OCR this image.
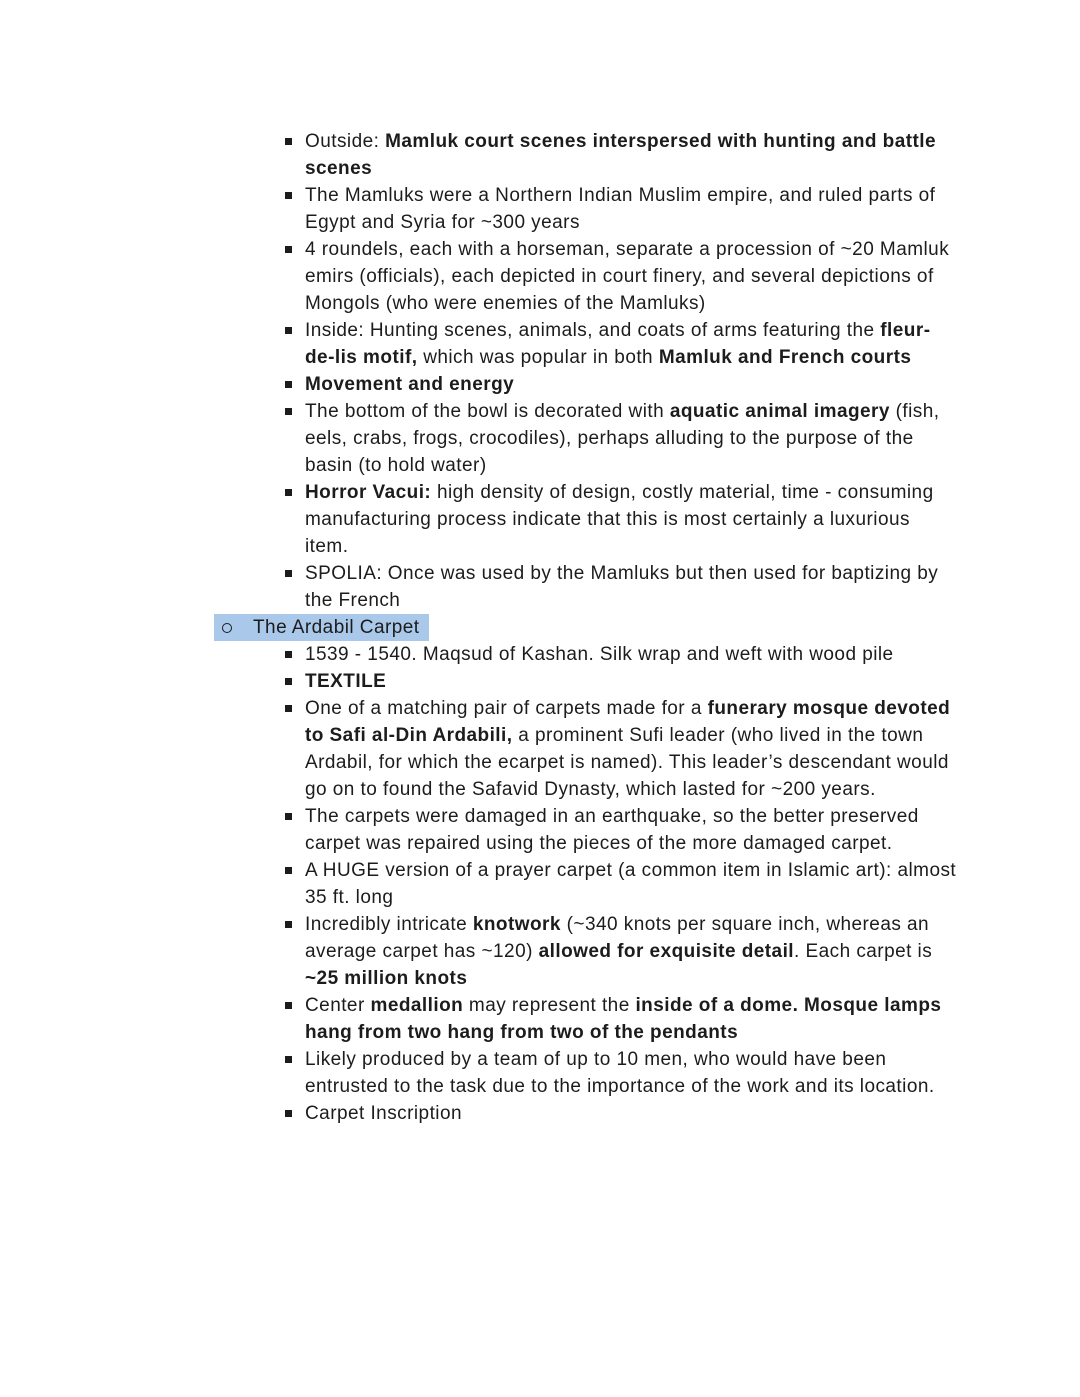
Outside: Mamluk court scenes interspersed with hunting and battle scenes
The Mamluks were a Northern Indian Muslim empire, and ruled parts of Egypt and Syria for ~300 years
4 roundels, each with a horseman, separate a procession of ~20 Mamluk emirs (officials), each depicted in court finery, and several depictions of Mongols (who were enemies of the Mamluks)
Inside: Hunting scenes, animals, and coats of arms featuring the fleur-de-lis motif, which was popular in both Mamluk and French courts
Movement and energy
The bottom of the bowl is decorated with aquatic animal imagery (fish, eels, crabs, frogs, crocodiles), perhaps alluding to the purpose of the basin (to hold water)
Horror Vacui: high density of design, costly material, time - consuming manufacturing process indicate that this is most certainly a luxurious item.
SPOLIA: Once was used by the Mamluks but then used for baptizing by the French
The Ardabil Carpet
1539 - 1540. Maqsud of Kashan. Silk wrap and weft with wood pile
TEXTILE
One of a matching pair of carpets made for a funerary mosque devoted to Safi al-Din Ardabili, a prominent Sufi leader (who lived in the town Ardabil, for which the ecarpet is named). This leader’s descendant would go on to found the Safavid Dynasty, which lasted for ~200 years.
The carpets were damaged in an earthquake, so the better preserved carpet was repaired using the pieces of the more damaged carpet.
A HUGE version of a prayer carpet (a common item in Islamic art): almost 35 ft. long
Incredibly intricate knotwork (~340 knots per square inch, whereas an average carpet has ~120) allowed for exquisite detail. Each carpet is ~25 million knots
Center medallion may represent the inside of a dome. Mosque lamps hang from two hang from two of the pendants
Likely produced by a team of up to 10 men, who would have been entrusted to the task due to the importance of the work and its location.
Carpet Inscription
